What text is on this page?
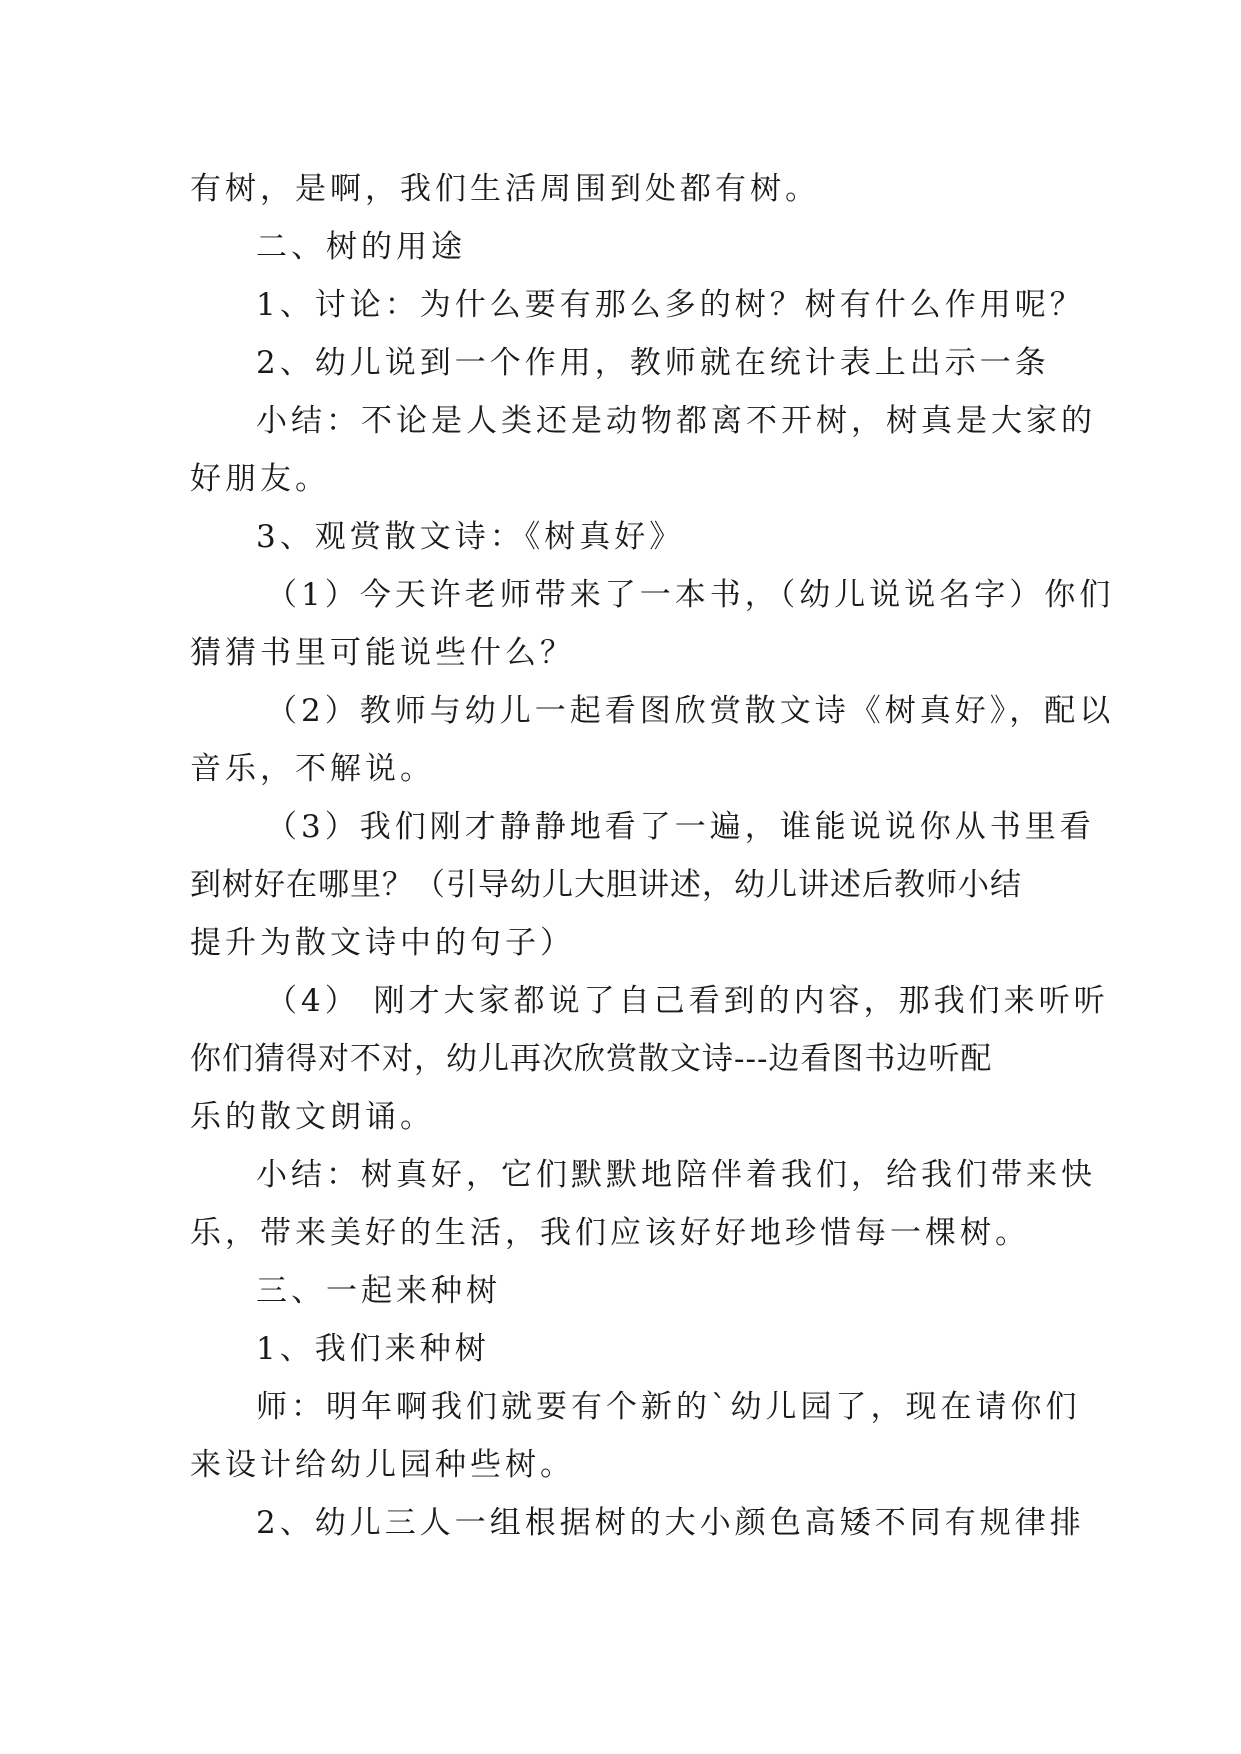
有树，是啊，我们生活周围到处都有树。
二、树的用途
1、讨论：为什么要有那么多的树？树有什么作用呢？
2、幼儿说到一个作用，教师就在统计表上出示一条
小结：不论是人类还是动物都离不开树，树真是大家的
好朋友。
3、观赏散文诗：《树真好》
（1）今天许老师带来了一本书，（幼儿说说名字）你们
猜猜书里可能说些什么？
（2）教师与幼儿一起看图欣赏散文诗《树真好》，配以
音乐，不解说。
（3）我们刚才静静地看了一遍，谁能说说你从书里看
到树好在哪里？（引导幼儿大胆讲述，幼儿讲述后教师小结
提升为散文诗中的句子）
（4） 刚才大家都说了自己看到的内容，那我们来听听
你们猜得对不对，幼儿再次欣赏散文诗---边看图书边听配
乐的散文朗诵。
小结：树真好，它们默默地陪伴着我们，给我们带来快
乐，带来美好的生活，我们应该好好地珍惜每一棵树。
三、一起来种树
1、我们来种树
师：明年啊我们就要有个新的`幼儿园了，现在请你们
来设计给幼儿园种些树。
2、幼儿三人一组根据树的大小颜色高矮不同有规律排
